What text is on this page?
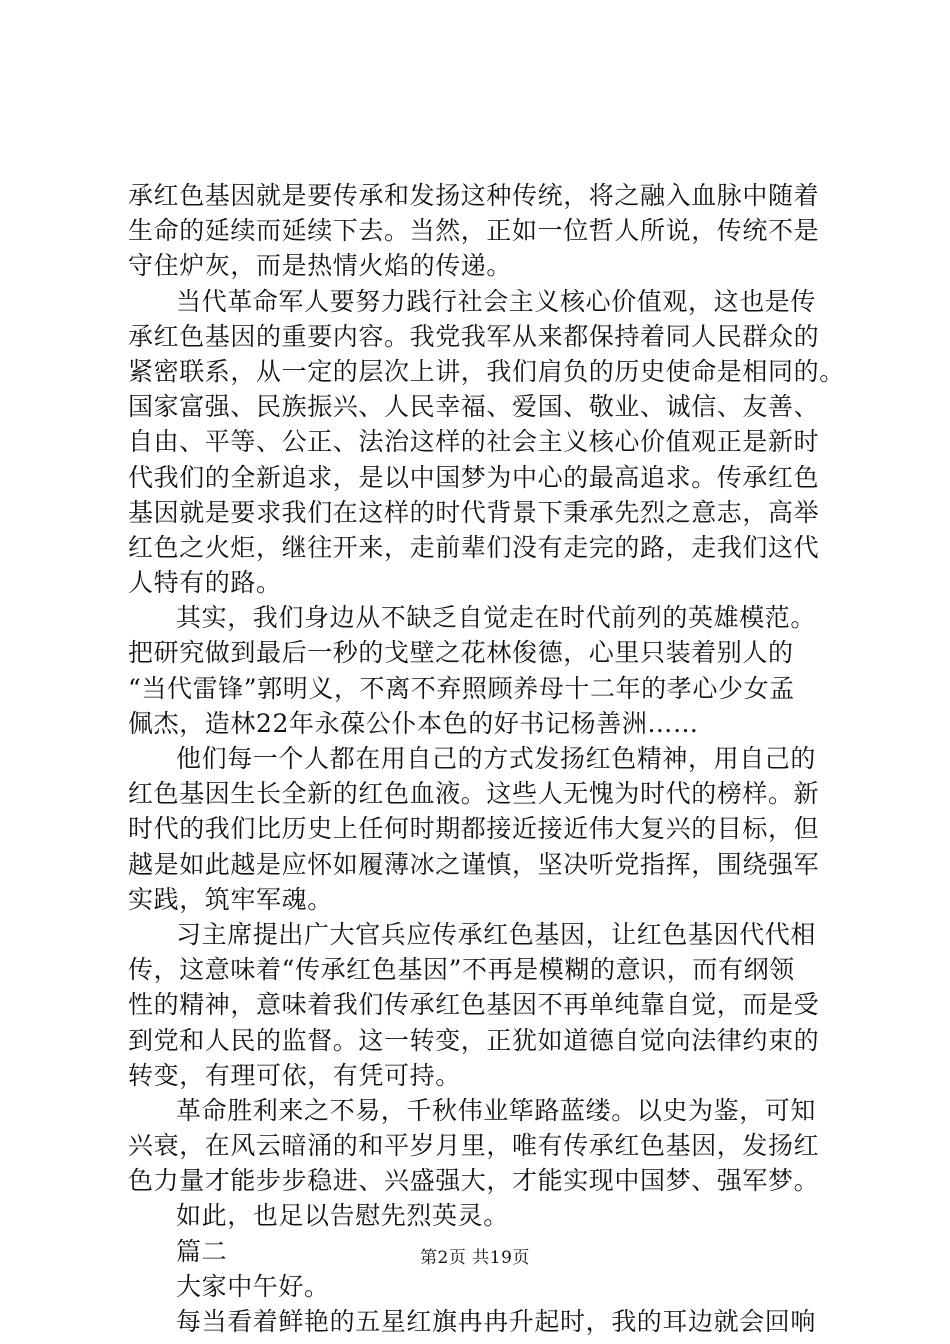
承红色基因就是要传承和发扬这种传统，将之融入血脉中随着
生命的延续而延续下去。当然，正如一位哲人所说，传统不是
守住炉灰，而是热情火焰的传递。
当代革命军人要努力践行社会主义核心价值观，这也是传
承红色基因的重要内容。我党我军从来都保持着同人民群众的
紧密联系，从一定的层次上讲，我们肩负的历史使命是相同的。
国家富强、民族振兴、人民幸福、爱国、敬业、诚信、友善、
自由、平等、公正、法治这样的社会主义核心价值观正是新时
代我们的全新追求，是以中国梦为中心的最高追求。传承红色
基因就是要求我们在这样的时代背景下秉承先烈之意志，高举
红色之火炬，继往开来，走前辈们没有走完的路，走我们这代
人特有的路。
其实，我们身边从不缺乏自觉走在时代前列的英雄模范。
把研究做到最后一秒的戈壁之花林俊德，心里只装着别人的
“当代雷锋”郭明义，不离不弃照顾养母十二年的孝心少女孟
佩杰，造林22年永葆公仆本色的好书记杨善洲……
他们每一个人都在用自己的方式发扬红色精神，用自己的
红色基因生长全新的红色血液。这些人无愧为时代的榜样。新
时代的我们比历史上任何时期都接近接近伟大复兴的目标，但
越是如此越是应怀如履薄冰之谨慎，坚决听党指挥，围绕强军
实践，筑牢军魂。
习主席提出广大官兵应传承红色基因，让红色基因代代相
传，这意味着“传承红色基因”不再是模糊的意识，而有纲领
性的精神，意味着我们传承红色基因不再单纯靠自觉，而是受
到党和人民的监督。这一转变，正犹如道德自觉向法律约束的
转变，有理可依，有凭可持。
革命胜利来之不易，千秋伟业筚路蓝缕。以史为鉴，可知
兴衰，在风云暗涌的和平岁月里，唯有传承红色基因，发扬红
色力量才能步步稳进、兴盛强大，才能实现中国梦、强军梦。
如此，也足以告慰先烈英灵。
篇二
大家中午好。
每当看着鲜艳的五星红旗冉冉升起时，我的耳边就会回响
第2页 共19页
